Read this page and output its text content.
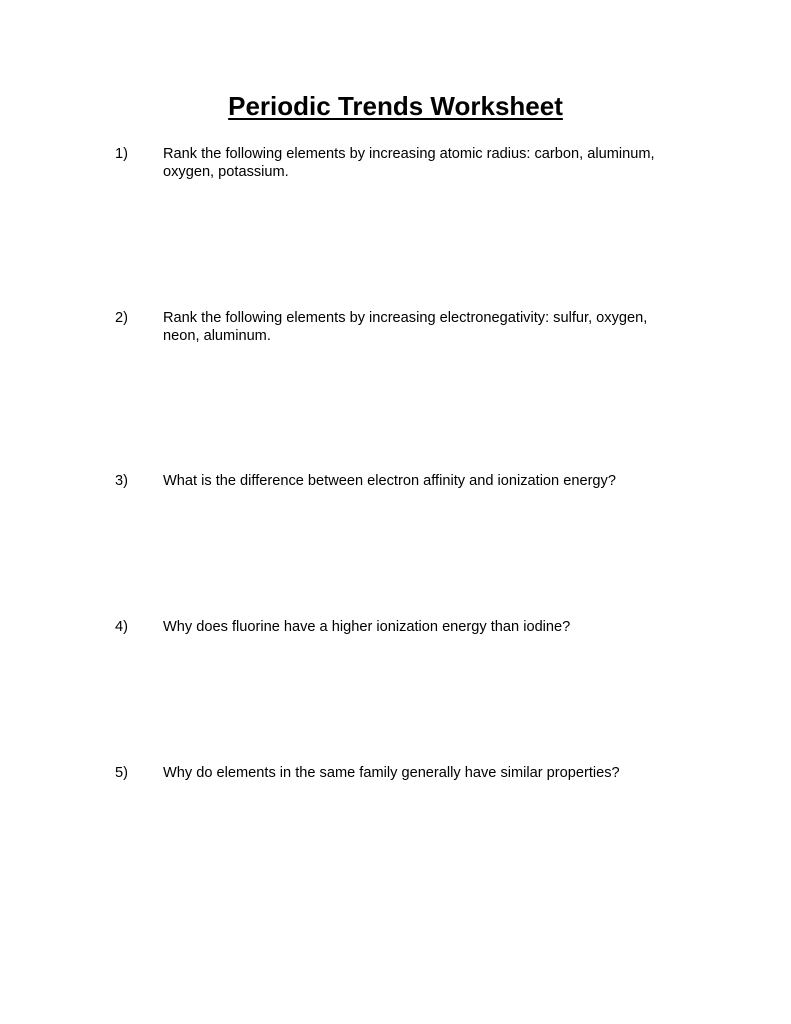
Periodic Trends Worksheet
1) Rank the following elements by increasing atomic radius: carbon, aluminum, oxygen, potassium.
2) Rank the following elements by increasing electronegativity: sulfur, oxygen, neon, aluminum.
3) What is the difference between electron affinity and ionization energy?
4) Why does fluorine have a higher ionization energy than iodine?
5) Why do elements in the same family generally have similar properties?
